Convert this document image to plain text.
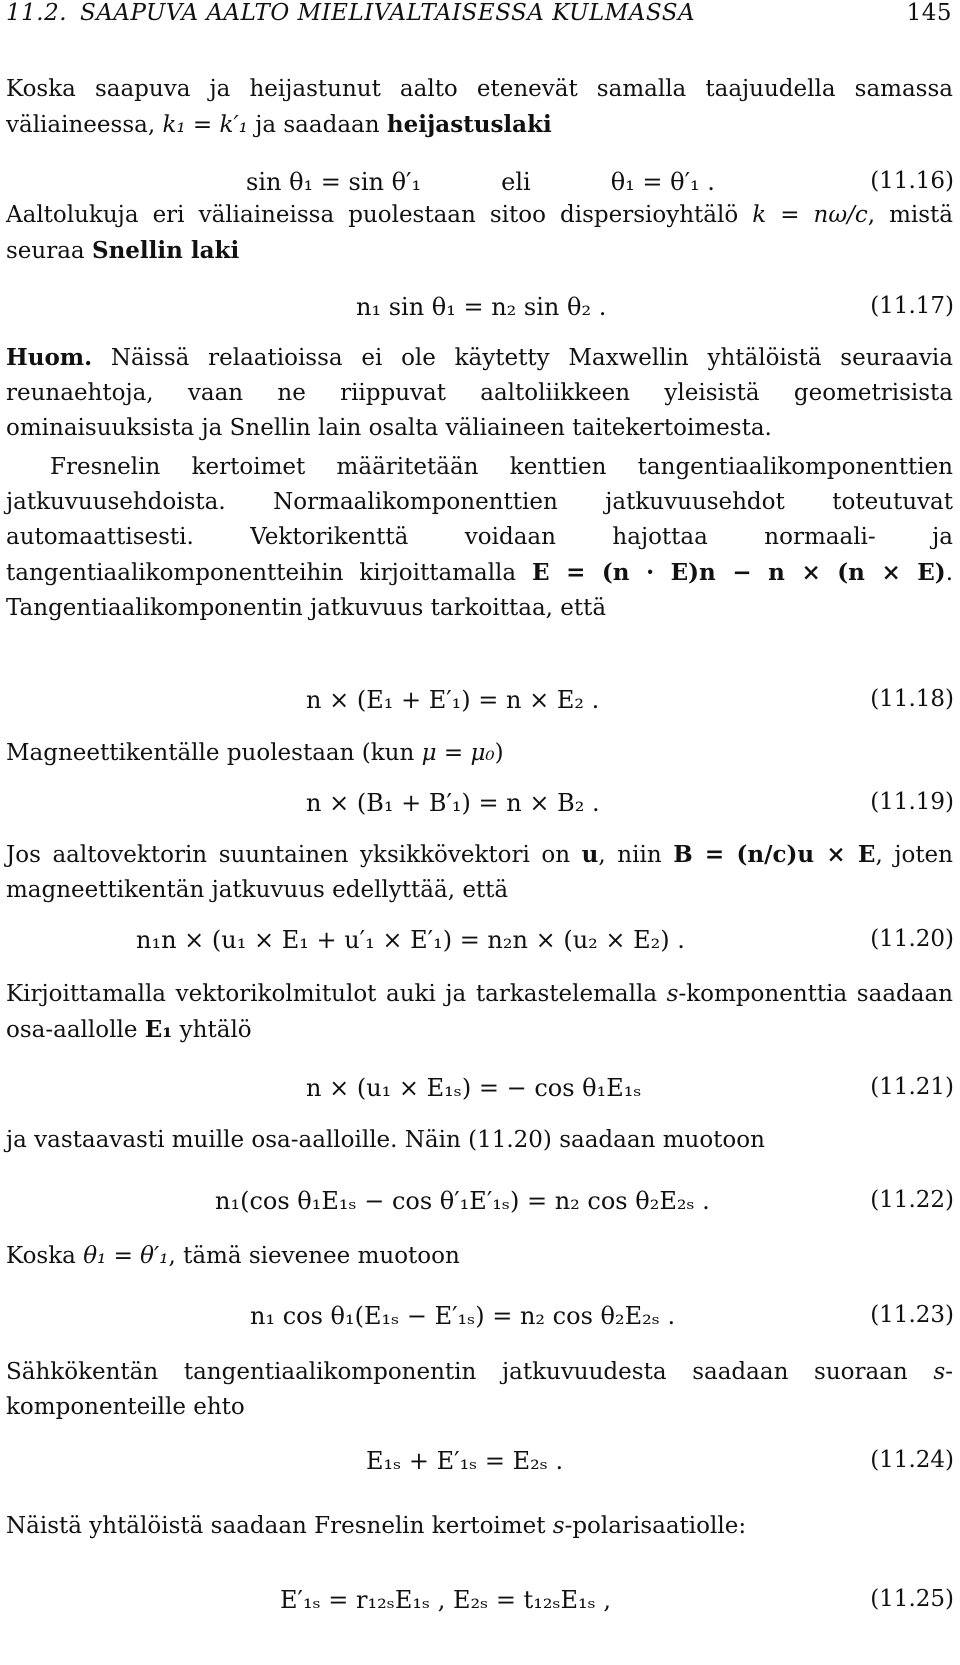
11.2. SAAPUVA AALTO MIELIVALTAISESSA KULMASSA	145
Koska saapuva ja heijastunut aalto etenevät samalla taajuudella samassa väliaineessa, k₁ = k′₁ ja saadaan heijastuslaki
sin θ₁ = sin θ′₁	eli	θ₁ = θ′₁ .	(11.16)
Aaltolukuja eri väliaineissa puolestaan sitoo dispersioyhtälö k = nω/c, mistä seuraa Snellin laki
n₁ sin θ₁ = n₂ sin θ₂ .	(11.17)
Huom. Näissä relaatioissa ei ole käytetty Maxwellin yhtälöistä seuraavia reunaehtoja, vaan ne riippuvat aaltoliikkeen yleisistä geometrisista ominaisuuksista ja Snellin lain osalta väliaineen taitekertoimesta.
Fresnelin kertoimet määritetään kenttien tangentiaalikomponenttien jatkuvuusehdoista. Normaalikomponenttien jatkuvuusehdot toteutuvat automaattisesti. Vektorikenttä voidaan hajottaa normaali- ja tangentiaalikomponentteihin kirjoittamalla E = (n · E)n − n × (n × E). Tangentiaalikomponentin jatkuvuus tarkoittaa, että
n × (E₁ + E′₁) = n × E₂ .	(11.18)
Magneettikentälle puolestaan (kun μ = μ₀)
n × (B₁ + B′₁) = n × B₂ .	(11.19)
Jos aaltovektorin suuntainen yksikkövektori on u, niin B = (n/c)u × E, joten magneettikentän jatkuvuus edellyttää, että
n₁n × (u₁ × E₁ + u′₁ × E′₁) = n₂n × (u₂ × E₂) .	(11.20)
Kirjoittamalla vektorikolmitulot auki ja tarkastelemalla s-komponenttia saadaan osa-aallolle E₁ yhtälö
n × (u₁ × E₁ₛ) = − cos θ₁E₁ₛ	(11.21)
ja vastaavasti muille osa-aalloille. Näin (11.20) saadaan muotoon
n₁(cos θ₁E₁ₛ − cos θ′₁E′₁ₛ) = n₂ cos θ₂E₂ₛ .	(11.22)
Koska θ₁ = θ′₁, tämä sievenee muotoon
n₁ cos θ₁(E₁ₛ − E′₁ₛ) = n₂ cos θ₂E₂ₛ .	(11.23)
Sähkökentän tangentiaalikomponentin jatkuvuudesta saadaan suoraan s-komponenteille ehto
E₁ₛ + E′₁ₛ = E₂ₛ .	(11.24)
Näistä yhtälöistä saadaan Fresnelin kertoimet s-polarisaatiolle:
E′₁ₛ = r₁₂ₛE₁ₛ , E₂ₛ = t₁₂ₛE₁ₛ ,	(11.25)
